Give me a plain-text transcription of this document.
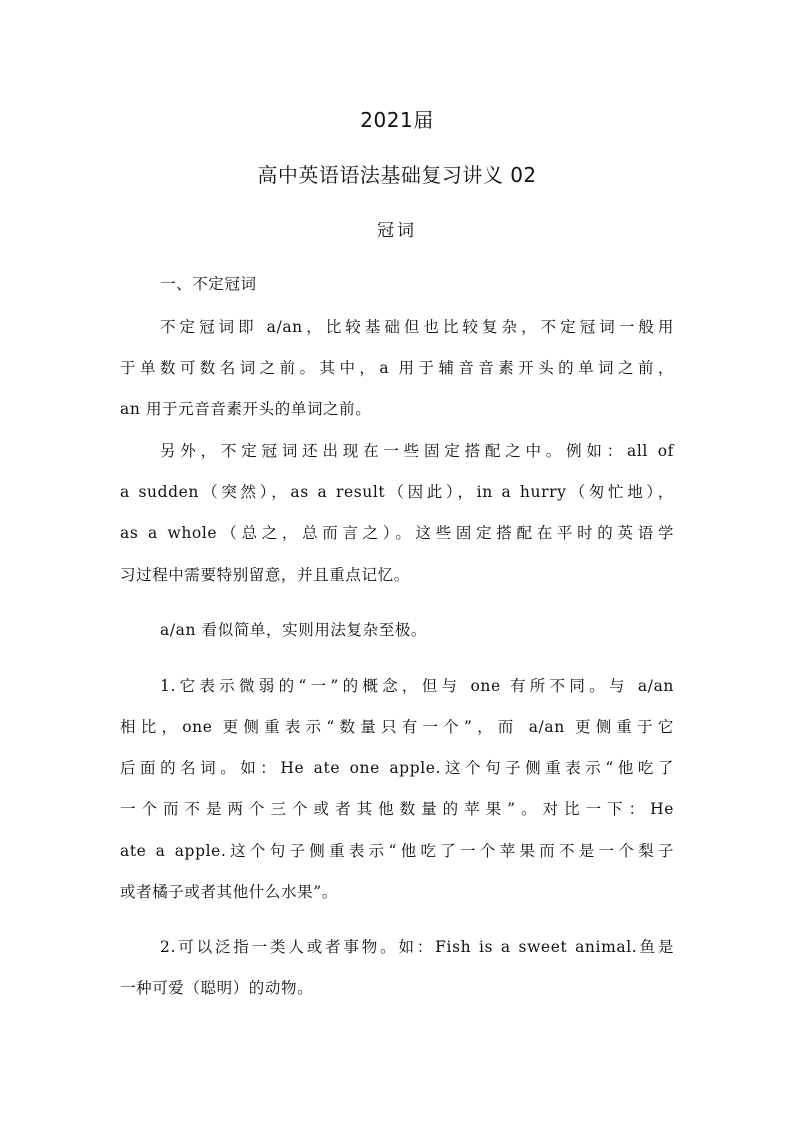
2021届
高中英语语法基础复习讲义 02
冠词
一、不定冠词
不定冠词即 a/an，比较基础但也比较复杂，不定冠词一般用
于单数可数名词之前。其中，a 用于辅音音素开头的单词之前，
an 用于元音音素开头的单词之前。
另外，不定冠词还出现在一些固定搭配之中。例如：all of
a sudden（突然），as a result（因此），in a hurry（匆忙地），
as a whole（总之，总而言之）。这些固定搭配在平时的英语学
习过程中需要特别留意，并且重点记忆。
a/an 看似简单，实则用法复杂至极。
1.它表示微弱的“一”的概念，但与 one 有所不同。与 a/an
相比，one 更侧重表示“数量只有一个”，而 a/an 更侧重于它
后面的名词。如：He ate one apple.这个句子侧重表示“他吃了
一个而不是两个三个或者其他数量的苹果”。对比一下：He
ate a apple.这个句子侧重表示“他吃了一个苹果而不是一个梨子
或者橘子或者其他什么水果”。
2.可以泛指一类人或者事物。如：Fish is a sweet animal.鱼是
一种可爱（聪明）的动物。
